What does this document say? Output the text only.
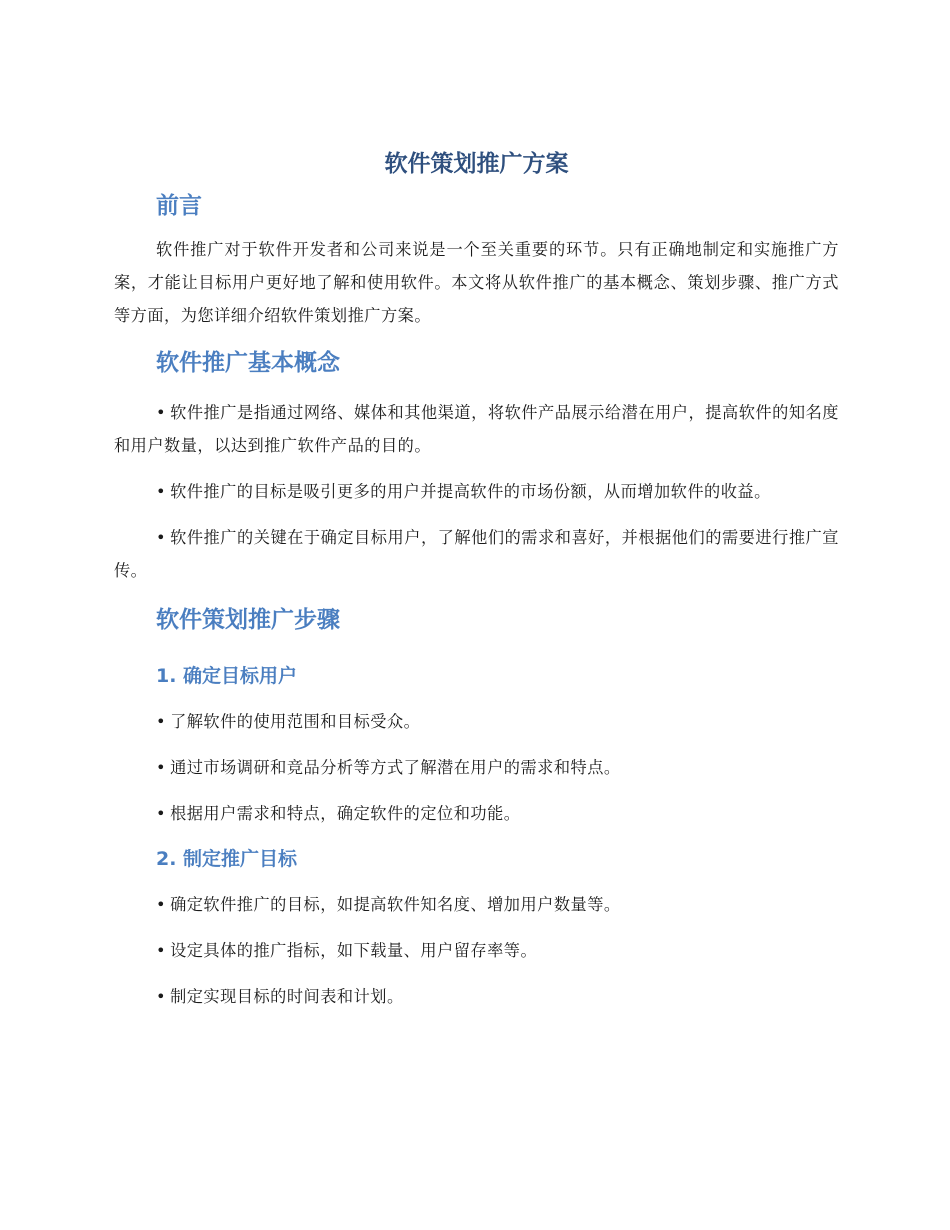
软件策划推广方案
前言

软件推广对于软件开发者和公司来说是一个至关重要的环节。只有正确地制定和实施推广方案，才能让目标用户更好地了解和使用软件。本文将从软件推广的基本概念、策划步骤、推广方式等方面，为您详细介绍软件策划推广方案。

软件推广基本概念

• 软件推广是指通过网络、媒体和其他渠道，将软件产品展示给潜在用户，提高软件的知名度和用户数量，以达到推广软件产品的目的。

• 软件推广的目标是吸引更多的用户并提高软件的市场份额，从而增加软件的收益。

• 软件推广的关键在于确定目标用户，了解他们的需求和喜好，并根据他们的需要进行推广宣传。

软件策划推广步骤
1. 确定目标用户

• 了解软件的使用范围和目标受众。

• 通过市场调研和竞品分析等方式了解潜在用户的需求和特点。

• 根据用户需求和特点，确定软件的定位和功能。

2. 制定推广目标

• 确定软件推广的目标，如提高软件知名度、增加用户数量等。

• 设定具体的推广指标，如下载量、用户留存率等。

• 制定实现目标的时间表和计划。
